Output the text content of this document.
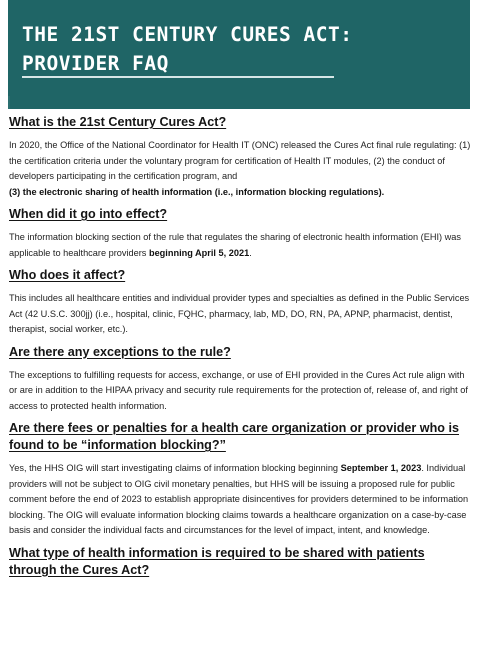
THE 21ST CENTURY CURES ACT:
PROVIDER FAQ
What is the 21st Century Cures Act?
In 2020, the Office of the National Coordinator for Health IT (ONC) released the Cures Act final rule regulating: (1) the certification criteria under the voluntary program for certification of Health IT modules, (2) the conduct of developers participating in the certification program, and
(3) the electronic sharing of health information (i.e., information blocking regulations).
When did it go into effect?
The information blocking section of the rule that regulates the sharing of electronic health information (EHI) was applicable to healthcare providers beginning April 5, 2021.
Who does it affect?
This includes all healthcare entities and individual provider types and specialties as defined in the Public Services Act (42 U.S.C. 300jj) (i.e., hospital, clinic, FQHC, pharmacy, lab, MD, DO, RN, PA, APNP, pharmacist, dentist, therapist, social worker, etc.).
Are there any exceptions to the rule?
The exceptions to fulfilling requests for access, exchange, or use of EHI provided in the Cures Act rule align with or are in addition to the HIPAA privacy and security rule requirements for the protection of, release of, and right of access to protected health information.
Are there fees or penalties for a health care organization or provider who is found to be “information blocking?”
Yes, the HHS OIG will start investigating claims of information blocking beginning September 1, 2023. Individual providers will not be subject to OIG civil monetary penalties, but HHS will be issuing a proposed rule for public comment before the end of 2023 to establish appropriate disincentives for providers determined to be information blocking. The OIG will evaluate information blocking claims towards a healthcare organization on a case-by-case basis and consider the individual facts and circumstances for the level of impact, intent, and knowledge.
What type of health information is required to be shared with patients through the Cures Act?
